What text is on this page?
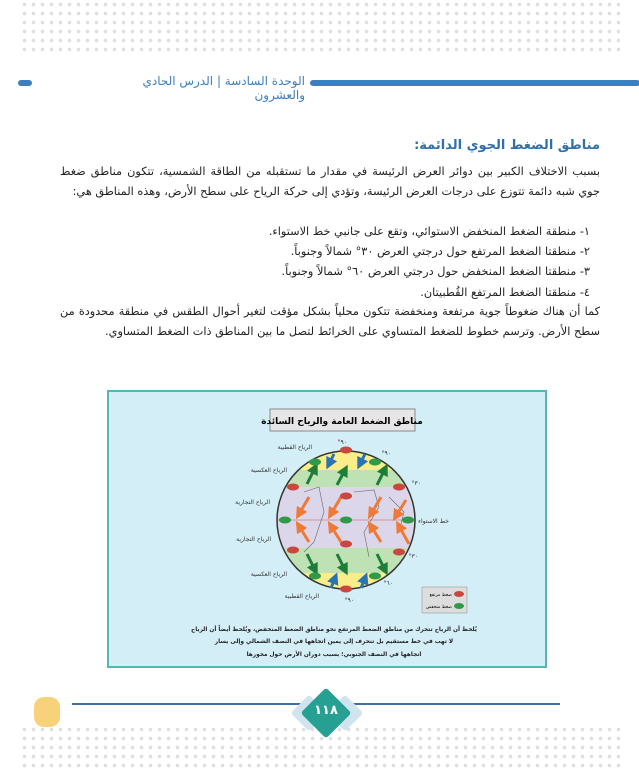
الوحدة السادسة | الدرس الحادي والعشرون
مناطق الضغط الجوي الدائمة:
بسبب الاختلاف الكبير بين دوائر العرض الرئيسة في مقدار ما تستقبله من الطاقة الشمسية، تتكون مناطق ضغط جوي شبه دائمة تتوزع على درجات العرض الرئيسة، وتؤدي إلى حركة الرياح على سطح الأرض، وهذه المناطق هي:
١- منطقة الضغط المنخفض الاستوائي، وتقع على جانبي خط الاستواء.
٢- منطقتا الضغط المرتفع حول درجتي العرض ٣٠° شمالاً وجنوباً.
٣- منطقتا الضغط المنخفض حول درجتي العرض ٦٠° شمالاً وجنوباً.
٤- منطقتا الضغط المرتفع القُطبيتان.
كما أن هناك ضغوطاً جوية مرتفعة ومنخفضة تتكون محلياً بشكل مؤقت لتغير أحوال الطقس في منطقة محدودة من سطح الأرض. وترسم خطوط للضغط المتساوي على الخرائط لتصل ما بين المناطق ذات الضغط المتساوي.
مناطق الضغط العامة والرياح السائدة
الرياح القطبية
الرياح العكسية
الرياح التجارية
خط الاستواء
الرياح التجارية
الرياح العكسية
الرياح القطبية
٩٠°
٩٠°
٣٠°
٣٠°
٦٠°
٩٠°
ضغط مرتفع
ضغط منخفض
يُلحظ أن الرياح تتحرك من مناطق الضغط المرتفع نحو مناطق الضغط المنخفض، ويُلحظ أيضاً أن الرياح
لا تهب في خط مستقيم بل تنحرف إلى يمين اتجاهها في النصف الشمالي وإلى يسار
اتجاهها في النصف الجنوبي؛ بسبب دوران الأرض حول محورها
١١٨
